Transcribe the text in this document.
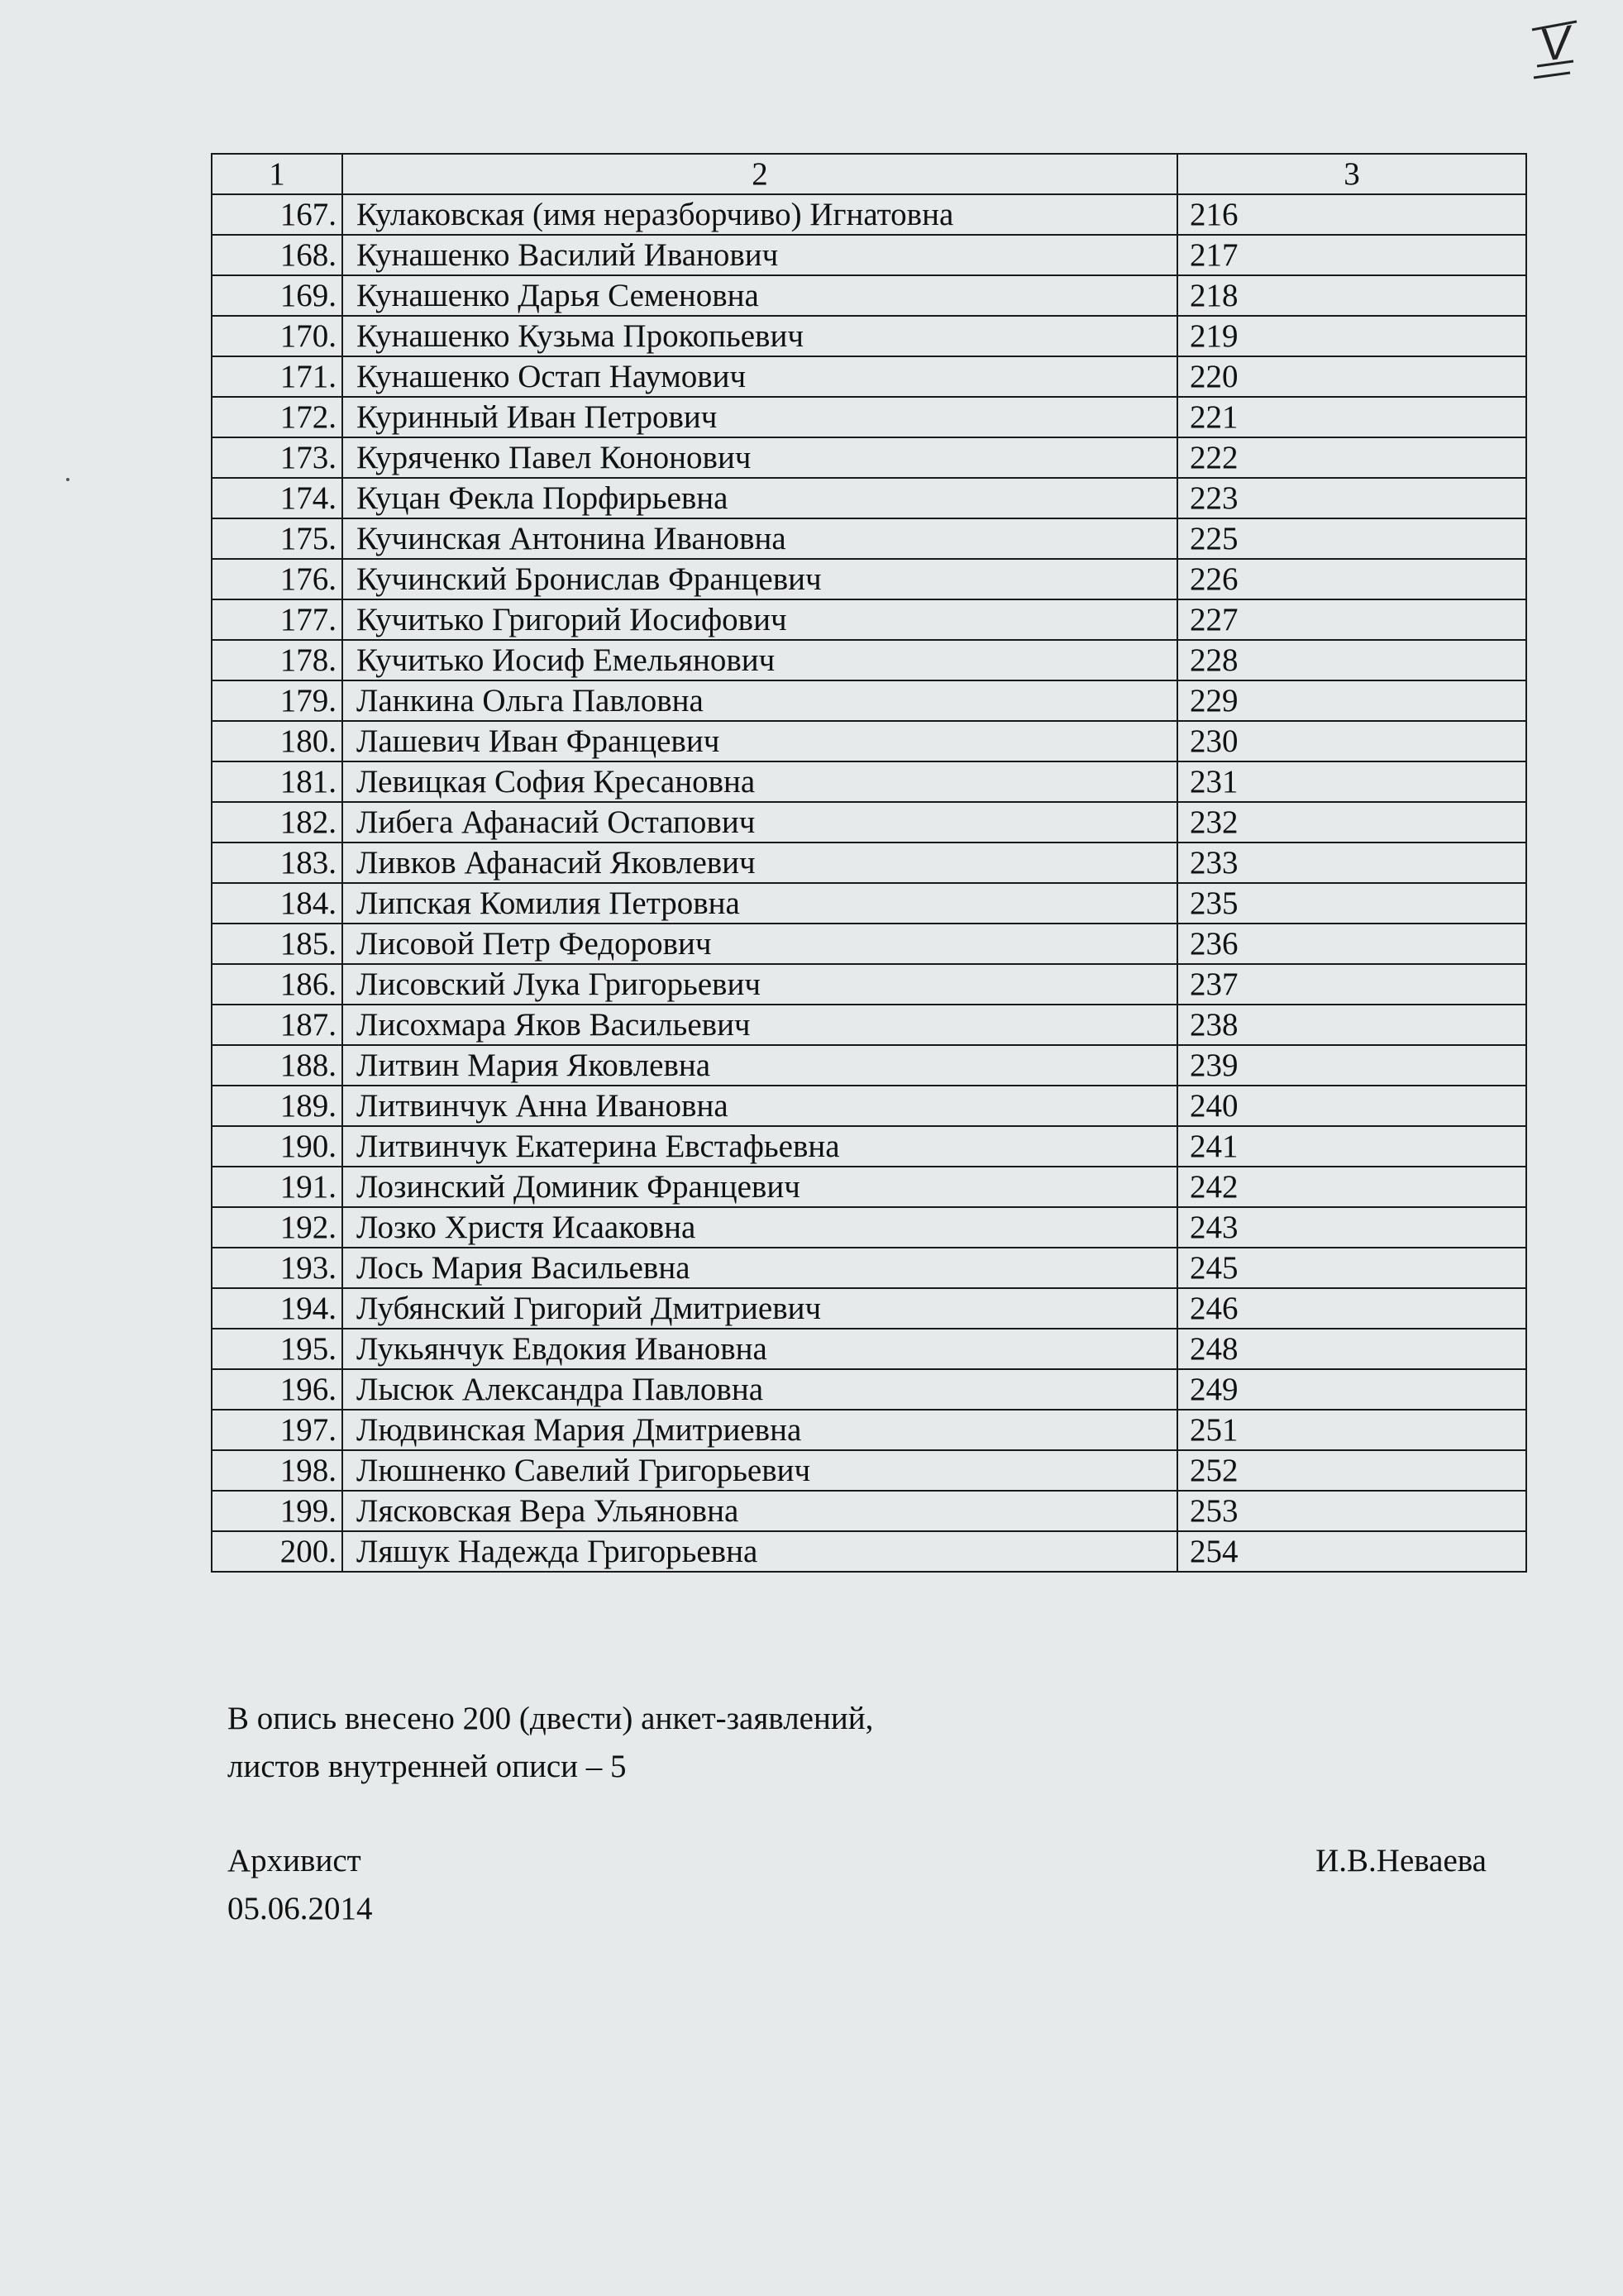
V
1	2	3
167.	Кулаковская (имя неразборчиво) Игнатовна	216
168.	Кунашенко Василий Иванович	217
169.	Кунашенко Дарья Семеновна	218
170.	Кунашенко Кузьма Прокопьевич	219
171.	Кунашенко Остап Наумович	220
172.	Куринный Иван Петрович	221
173.	Куряченко Павел Кононович	222
174.	Куцан Фекла Порфирьевна	223
175.	Кучинская Антонина Ивановна	225
176.	Кучинский Бронислав Францевич	226
177.	Кучитько Григорий Иосифович	227
178.	Кучитько Иосиф Емельянович	228
179.	Ланкина Ольга Павловна	229
180.	Лашевич Иван Францевич	230
181.	Левицкая София Кресановна	231
182.	Либега Афанасий Остапович	232
183.	Ливков Афанасий Яковлевич	233
184.	Липская Комилия Петровна	235
185.	Лисовой Петр Федорович	236
186.	Лисовский Лука Григорьевич	237
187.	Лисохмара Яков Васильевич	238
188.	Литвин Мария Яковлевна	239
189.	Литвинчук Анна Ивановна	240
190.	Литвинчук Екатерина Евстафьевна	241
191.	Лозинский Доминик Францевич	242
192.	Лозко Христя Исааковна	243
193.	Лось Мария Васильевна	245
194.	Лубянский Григорий Дмитриевич	246
195.	Лукьянчук Евдокия Ивановна	248
196.	Лысюк Александра Павловна	249
197.	Людвинская Мария Дмитриевна	251
198.	Люшненко Савелий Григорьевич	252
199.	Лясковская Вера Ульяновна	253
200.	Ляшук Надежда Григорьевна	254
В опись внесено 200 (двести) анкет-заявлений,
листов внутренней описи – 5
Архивист
05.06.2014
И.В.Неваева
